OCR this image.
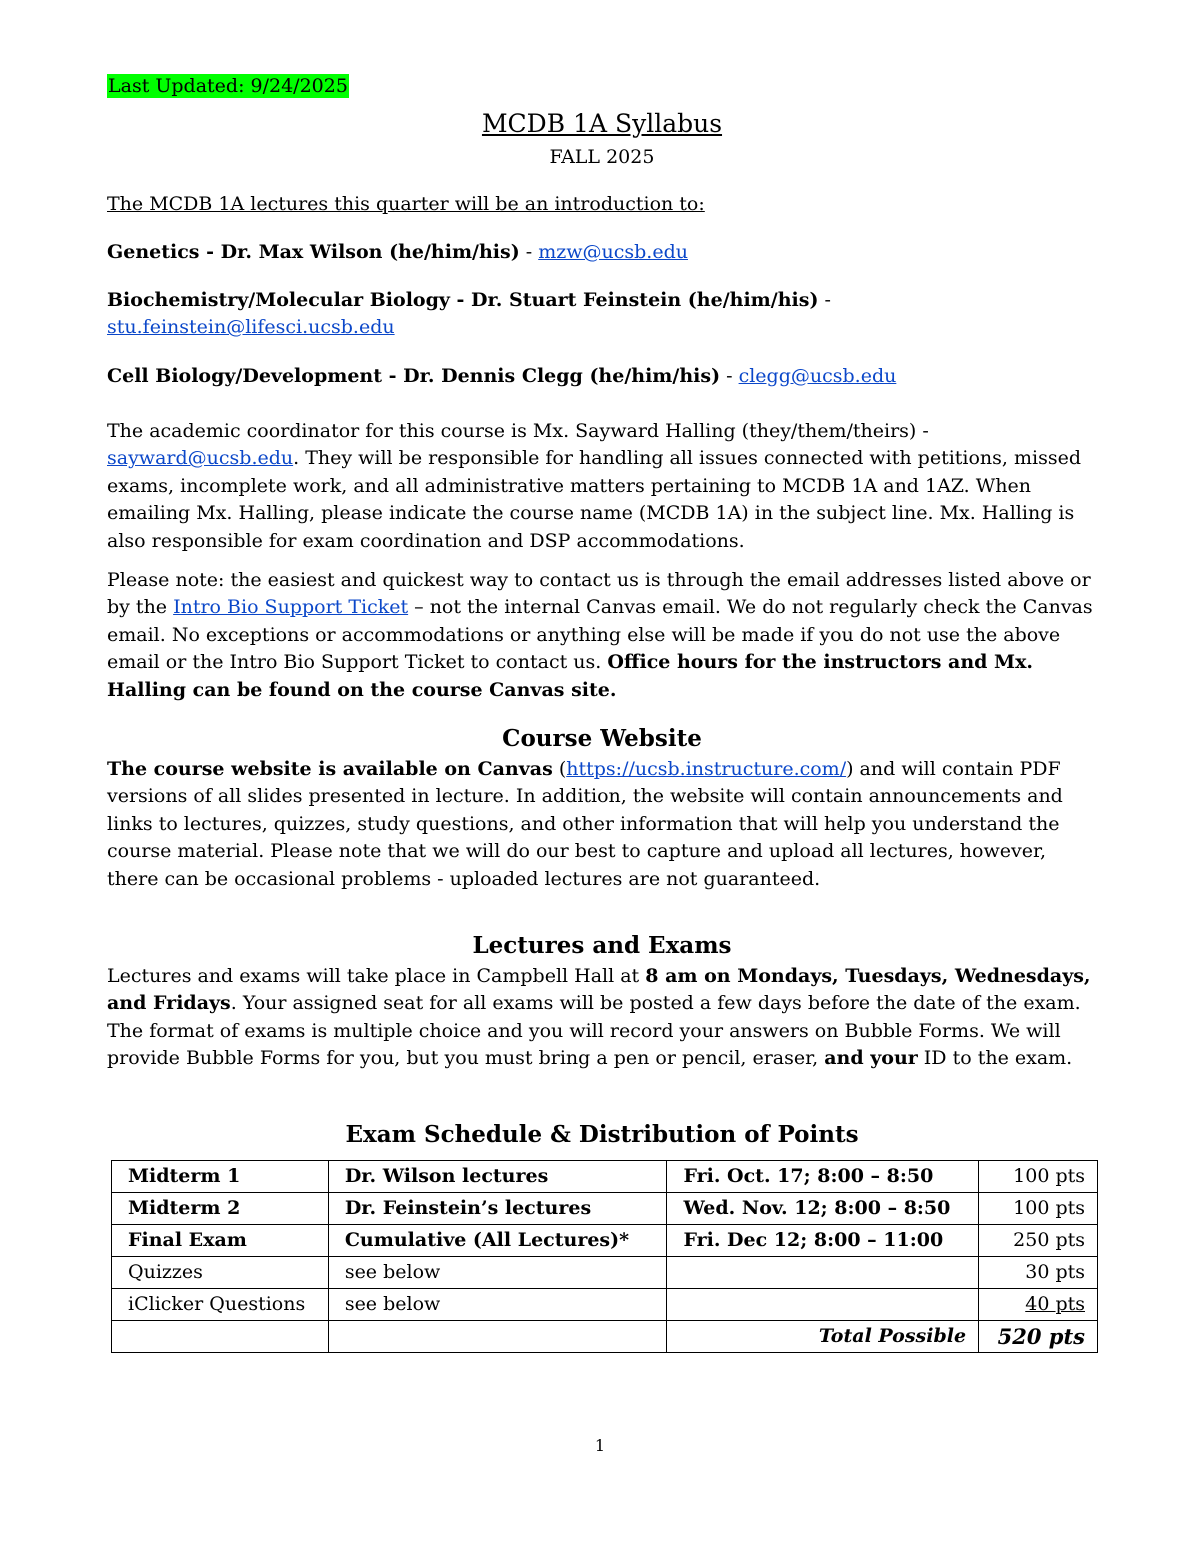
Last Updated: 9/24/2025
MCDB 1A Syllabus
FALL 2025
The MCDB 1A lectures this quarter will be an introduction to:
Genetics - Dr. Max Wilson (he/him/his) - mzw@ucsb.edu
Biochemistry/Molecular Biology - Dr. Stuart Feinstein (he/him/his) -
stu.feinstein@lifesci.ucsb.edu
Cell Biology/Development - Dr. Dennis Clegg (he/him/his) - clegg@ucsb.edu
The academic coordinator for this course is Mx. Sayward Halling (they/them/theirs) - sayward@ucsb.edu. They will be responsible for handling all issues connected with petitions, missed exams, incomplete work, and all administrative matters pertaining to MCDB 1A and 1AZ. When emailing Mx. Halling, please indicate the course name (MCDB 1A) in the subject line. Mx. Halling is also responsible for exam coordination and DSP accommodations.
Please note: the easiest and quickest way to contact us is through the email addresses listed above or by the Intro Bio Support Ticket – not the internal Canvas email. We do not regularly check the Canvas email. No exceptions or accommodations or anything else will be made if you do not use the above email or the Intro Bio Support Ticket to contact us. Office hours for the instructors and Mx. Halling can be found on the course Canvas site.
Course Website
The course website is available on Canvas (https://ucsb.instructure.com/) and will contain PDF versions of all slides presented in lecture. In addition, the website will contain announcements and links to lectures, quizzes, study questions, and other information that will help you understand the course material. Please note that we will do our best to capture and upload all lectures, however, there can be occasional problems - uploaded lectures are not guaranteed.
Lectures and Exams
Lectures and exams will take place in Campbell Hall at 8 am on Mondays, Tuesdays, Wednesdays, and Fridays. Your assigned seat for all exams will be posted a few days before the date of the exam. The format of exams is multiple choice and you will record your answers on Bubble Forms. We will provide Bubble Forms for you, but you must bring a pen or pencil, eraser, and your ID to the exam.
Exam Schedule & Distribution of Points
Midterm 1	Dr. Wilson lectures	Fri. Oct. 17; 8:00 – 8:50	100 pts
Midterm 2	Dr. Feinstein’s lectures	Wed. Nov. 12; 8:00 – 8:50	100 pts
Final Exam	Cumulative (All Lectures)*	Fri. Dec 12; 8:00 – 11:00	250 pts
Quizzes	see below		30 pts
iClicker Questions	see below		40 pts
		Total Possible	520 pts
1
